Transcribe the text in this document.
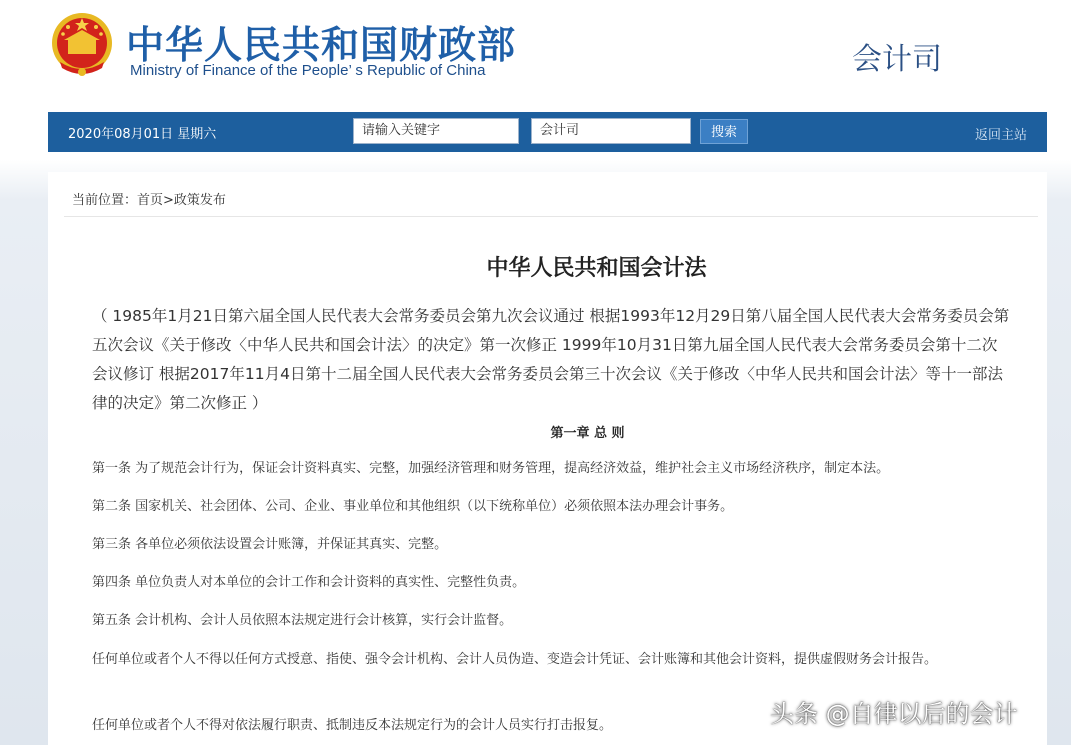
中华人民共和国财政部
Ministry of Finance of the People’ s Republic of China	会计司
2020年08月01日 星期六	请输入关键字	会计司	搜索	返回主站
当前位置：首页>政策发布
中华人民共和国会计法

（ 1985年1月21日第六届全国人民代表大会常务委员会第九次会议通过 根据1993年12月29日第八届全国人民代表大会常务委员会第五次会议《关于修改〈中华人民共和国会计法〉的决定》第一次修正 1999年10月31日第九届全国人民代表大会常务委员会第十二次会议修订 根据2017年11月4日第十二届全国人民代表大会常务委员会第三十次会议《关于修改〈中华人民共和国会计法〉等十一部法律的决定》第二次修正 ）

第一章 总 则

第一条 为了规范会计行为，保证会计资料真实、完整，加强经济管理和财务管理，提高经济效益，维护社会主义市场经济秩序，制定本法。

第二条 国家机关、社会团体、公司、企业、事业单位和其他组织（以下统称单位）必须依照本法办理会计事务。

第三条 各单位必须依法设置会计账簿，并保证其真实、完整。

第四条 单位负责人对本单位的会计工作和会计资料的真实性、完整性负责。

第五条 会计机构、会计人员依照本法规定进行会计核算，实行会计监督。

任何单位或者个人不得以任何方式授意、指使、强令会计机构、会计人员伪造、变造会计凭证、会计账簿和其他会计资料，提供虚假财务会计报告。

任何单位或者个人不得对依法履行职责、抵制违反本法规定行为的会计人员实行打击报复。	头条 @自律以后的会计
